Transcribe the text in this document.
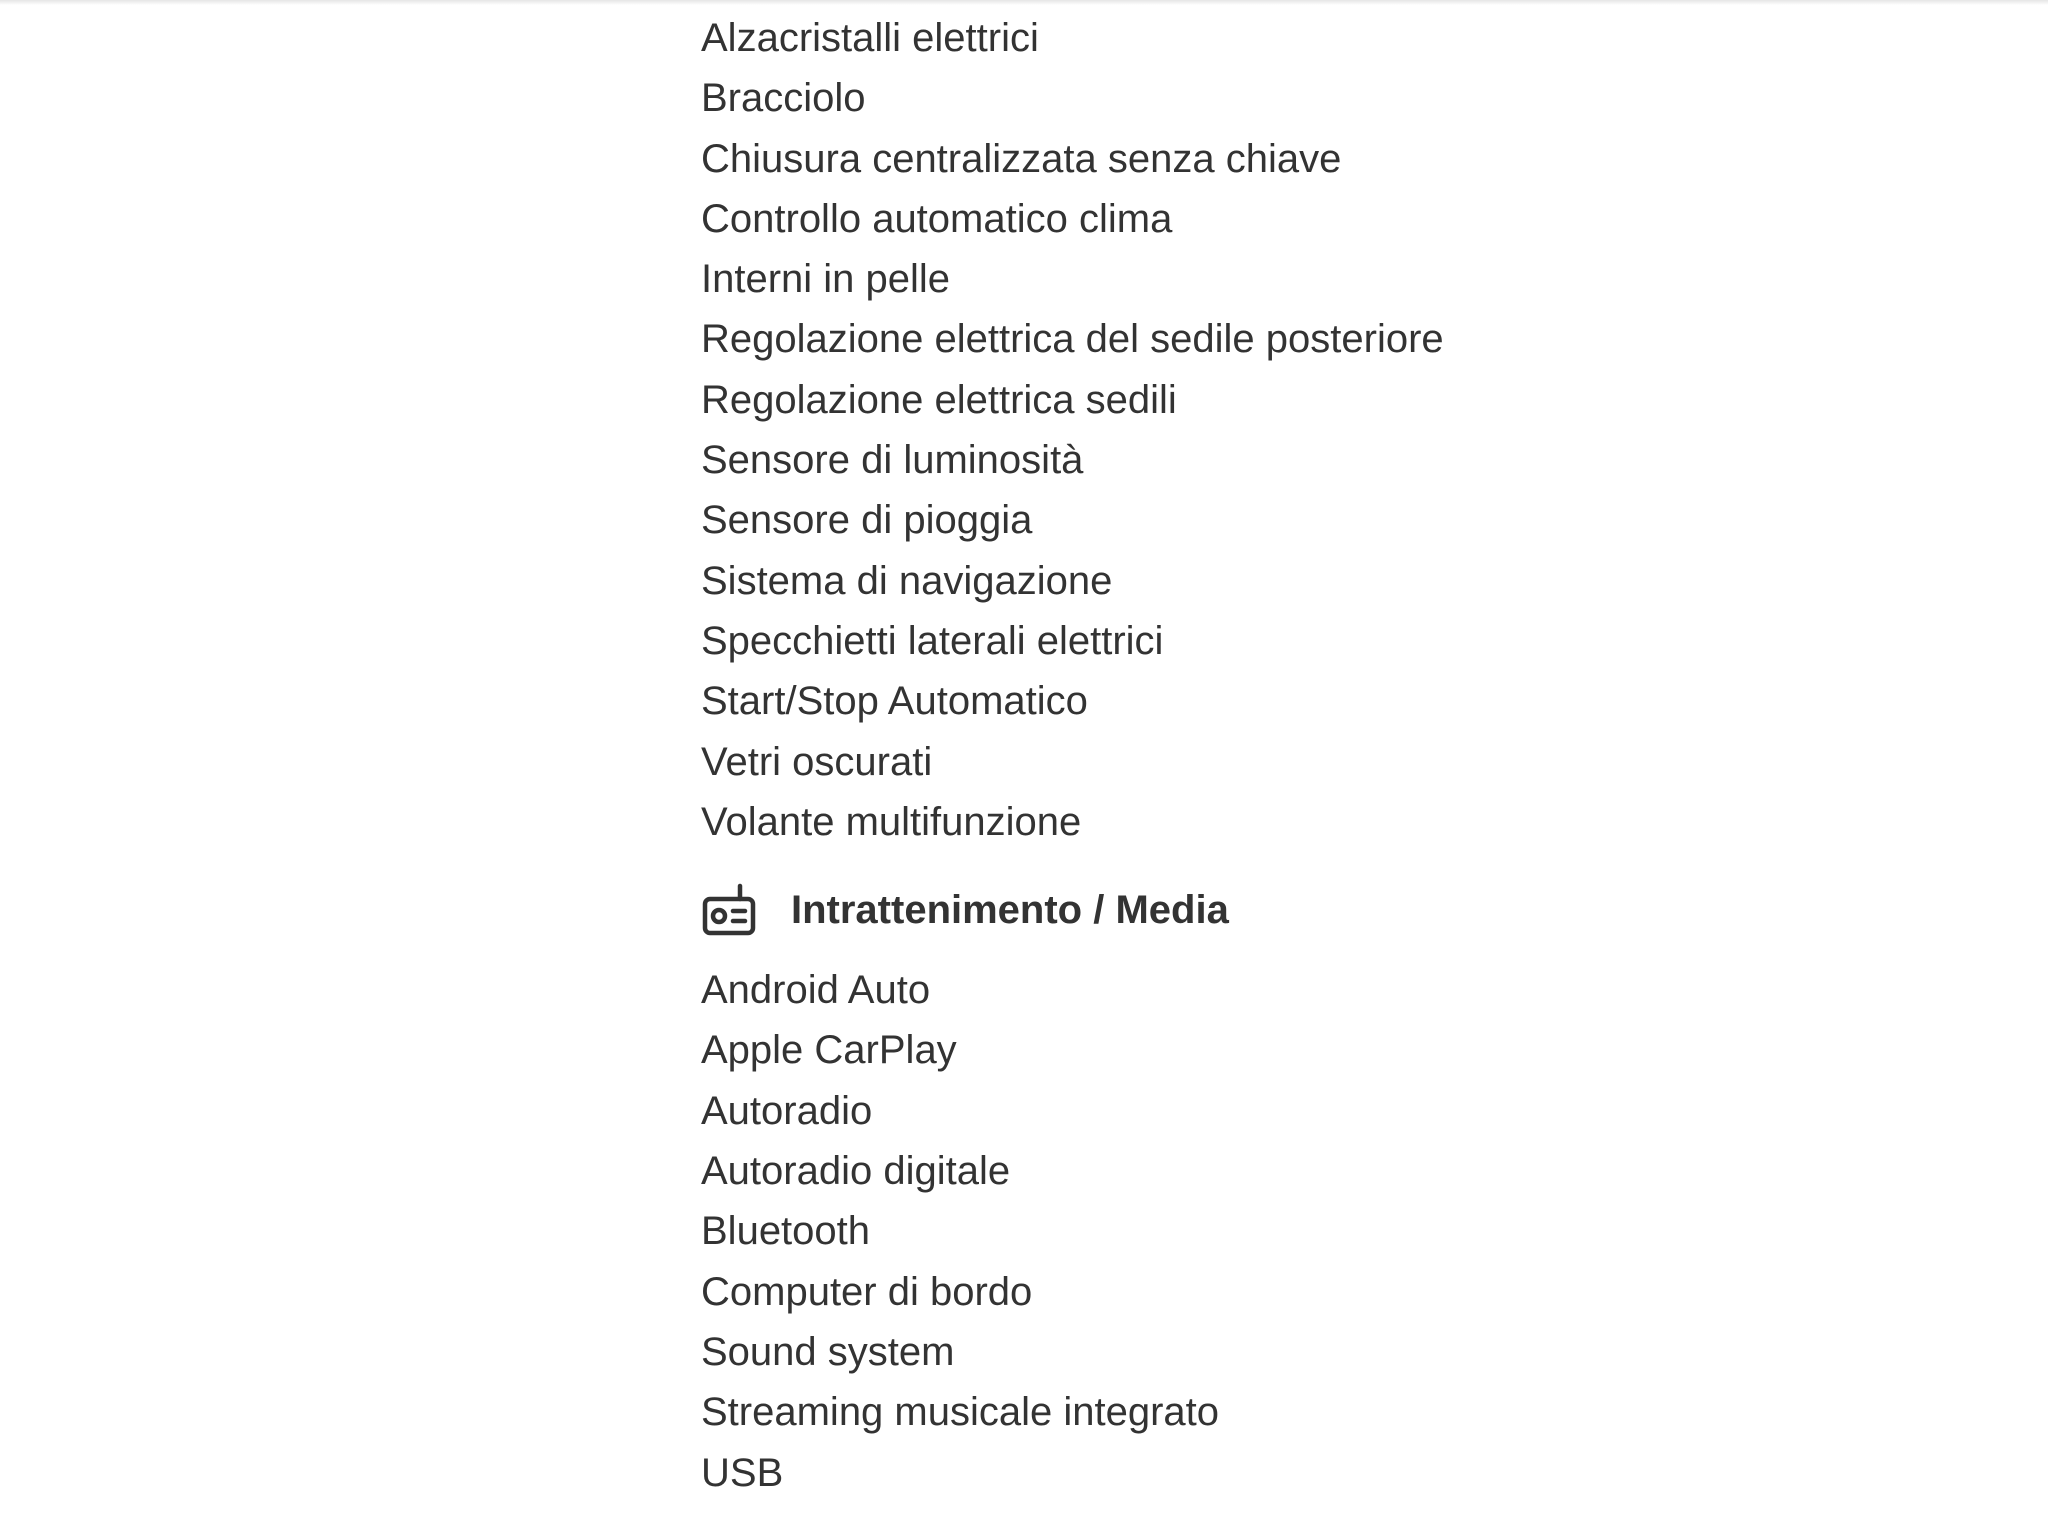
Alzacristalli elettrici
Bracciolo
Chiusura centralizzata senza chiave
Controllo automatico clima
Interni in pelle
Regolazione elettrica del sedile posteriore
Regolazione elettrica sedili
Sensore di luminosità
Sensore di pioggia
Sistema di navigazione
Specchietti laterali elettrici
Start/Stop Automatico
Vetri oscurati
Volante multifunzione
Intrattenimento / Media
Android Auto
Apple CarPlay
Autoradio
Autoradio digitale
Bluetooth
Computer di bordo
Sound system
Streaming musicale integrato
USB
